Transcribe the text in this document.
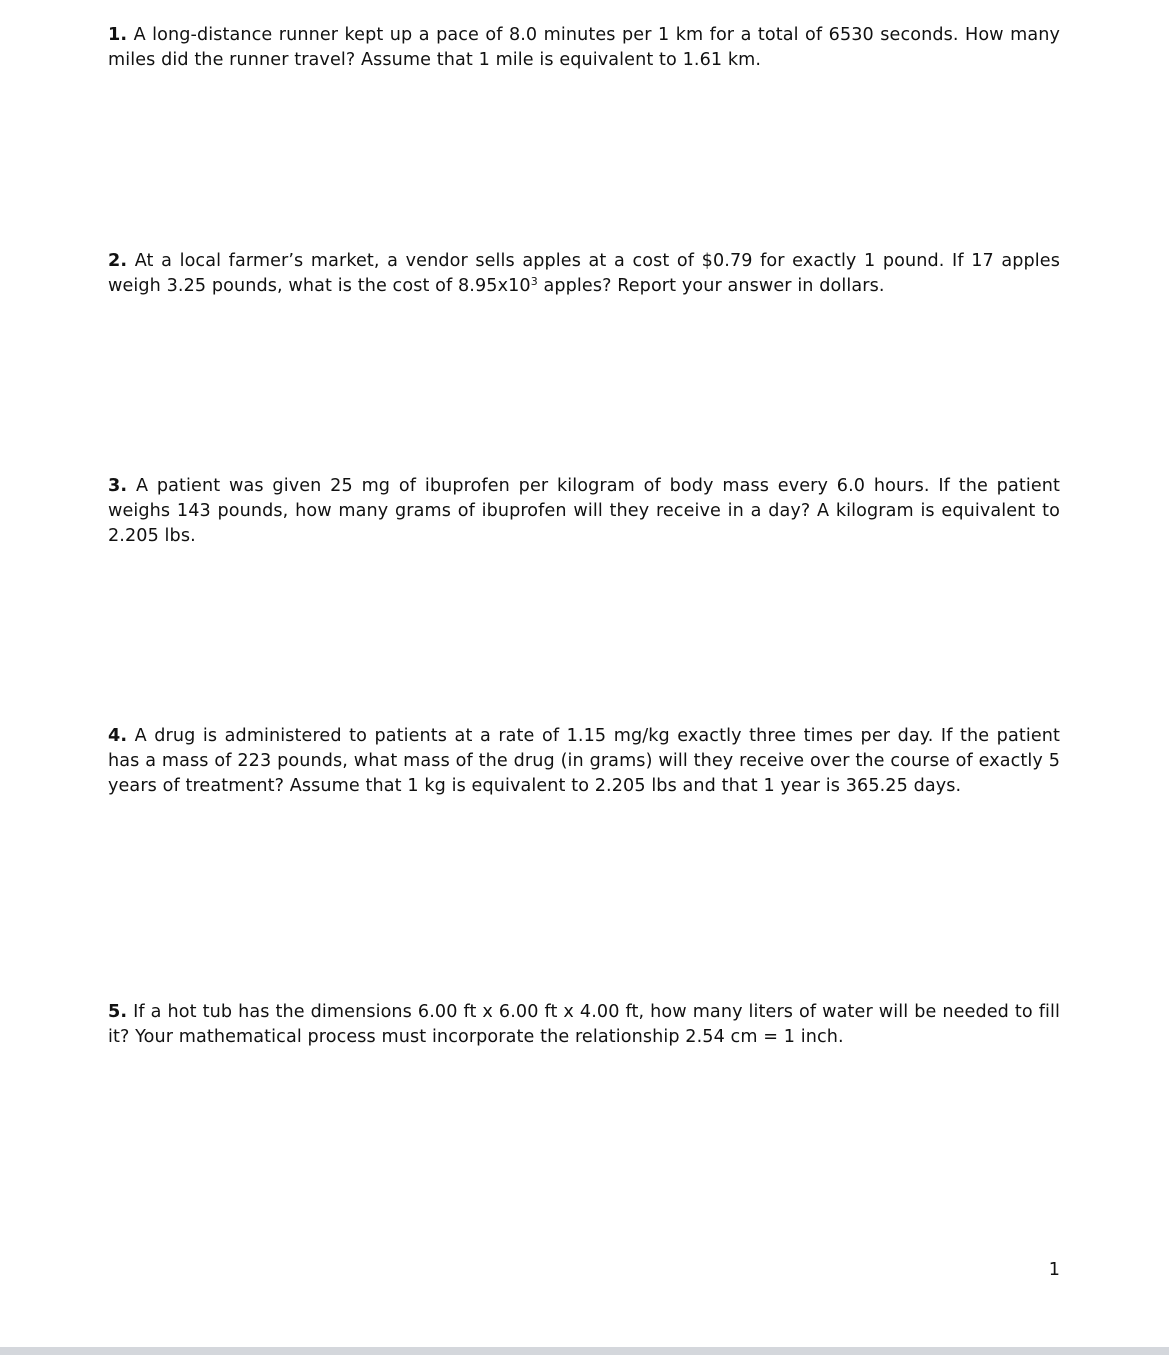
1. A long-distance runner kept up a pace of 8.0 minutes per 1 km for a total of 6530 seconds. How many miles did the runner travel? Assume that 1 mile is equivalent to 1.61 km.

2. At a local farmer’s market, a vendor sells apples at a cost of $0.79 for exactly 1 pound. If 17 apples weigh 3.25 pounds, what is the cost of $8.95x10^3$ apples? Report your answer in dollars.

3. A patient was given 25 mg of ibuprofen per kilogram of body mass every 6.0 hours. If the patient weighs 143 pounds, how many grams of ibuprofen will they receive in a day? A kilogram is equivalent to 2.205 lbs.

4. A drug is administered to patients at a rate of 1.15 mg/kg exactly three times per day. If the patient has a mass of 223 pounds, what mass of the drug (in grams) will they receive over the course of exactly 5 years of treatment? Assume that 1 kg is equivalent to 2.205 lbs and that 1 year is 365.25 days.

5. If a hot tub has the dimensions 6.00 ft x 6.00 ft x 4.00 ft, how many liters of water will be needed to fill it? Your mathematical process must incorporate the relationship 2.54 cm = 1 inch.

1
